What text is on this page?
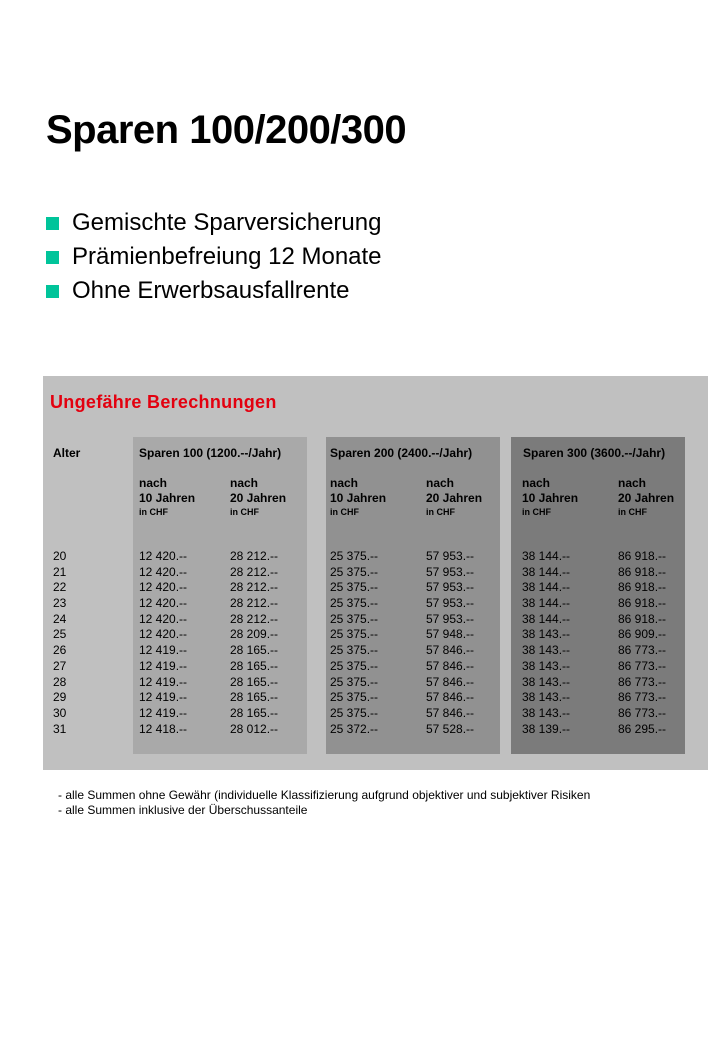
Sparen 100/200/300
Gemischte Sparversicherung
Prämienbefreiung 12 Monate
Ohne Erwerbsausfallrente
Ungefähre Berechnungen
Alter
20
21
22
23
24
25
26
27
28
29
30
31
Sparen 100 (1200.--/Jahr)
nach
10 Jahren
in CHF
nach
20 Jahren
in CHF
12 420.--
12 420.--
12 420.--
12 420.--
12 420.--
12 420.--
12 419.--
12 419.--
12 419.--
12 419.--
12 419.--
12 418.--
28 212.--
28 212.--
28 212.--
28 212.--
28 212.--
28 209.--
28 165.--
28 165.--
28 165.--
28 165.--
28 165.--
28 012.--
Sparen 200 (2400.--/Jahr)
nach
10 Jahren
in CHF
nach
20 Jahren
in CHF
25 375.--
25 375.--
25 375.--
25 375.--
25 375.--
25 375.--
25 375.--
25 375.--
25 375.--
25 375.--
25 375.--
25 372.--
57 953.--
57 953.--
57 953.--
57 953.--
57 953.--
57 948.--
57 846.--
57 846.--
57 846.--
57 846.--
57 846.--
57 528.--
Sparen 300 (3600.--/Jahr)
nach
10 Jahren
in CHF
nach
20 Jahren
in CHF
38 144.--
38 144.--
38 144.--
38 144.--
38 144.--
38 143.--
38 143.--
38 143.--
38 143.--
38 143.--
38 143.--
38 139.--
86 918.--
86 918.--
86 918.--
86 918.--
86 918.--
86 909.--
86 773.--
86 773.--
86 773.--
86 773.--
86 773.--
86 295.--
- alle Summen ohne Gewähr (individuelle Klassifizierung aufgrund objektiver und subjektiver Risiken
- alle Summen inklusive der Überschussanteile
